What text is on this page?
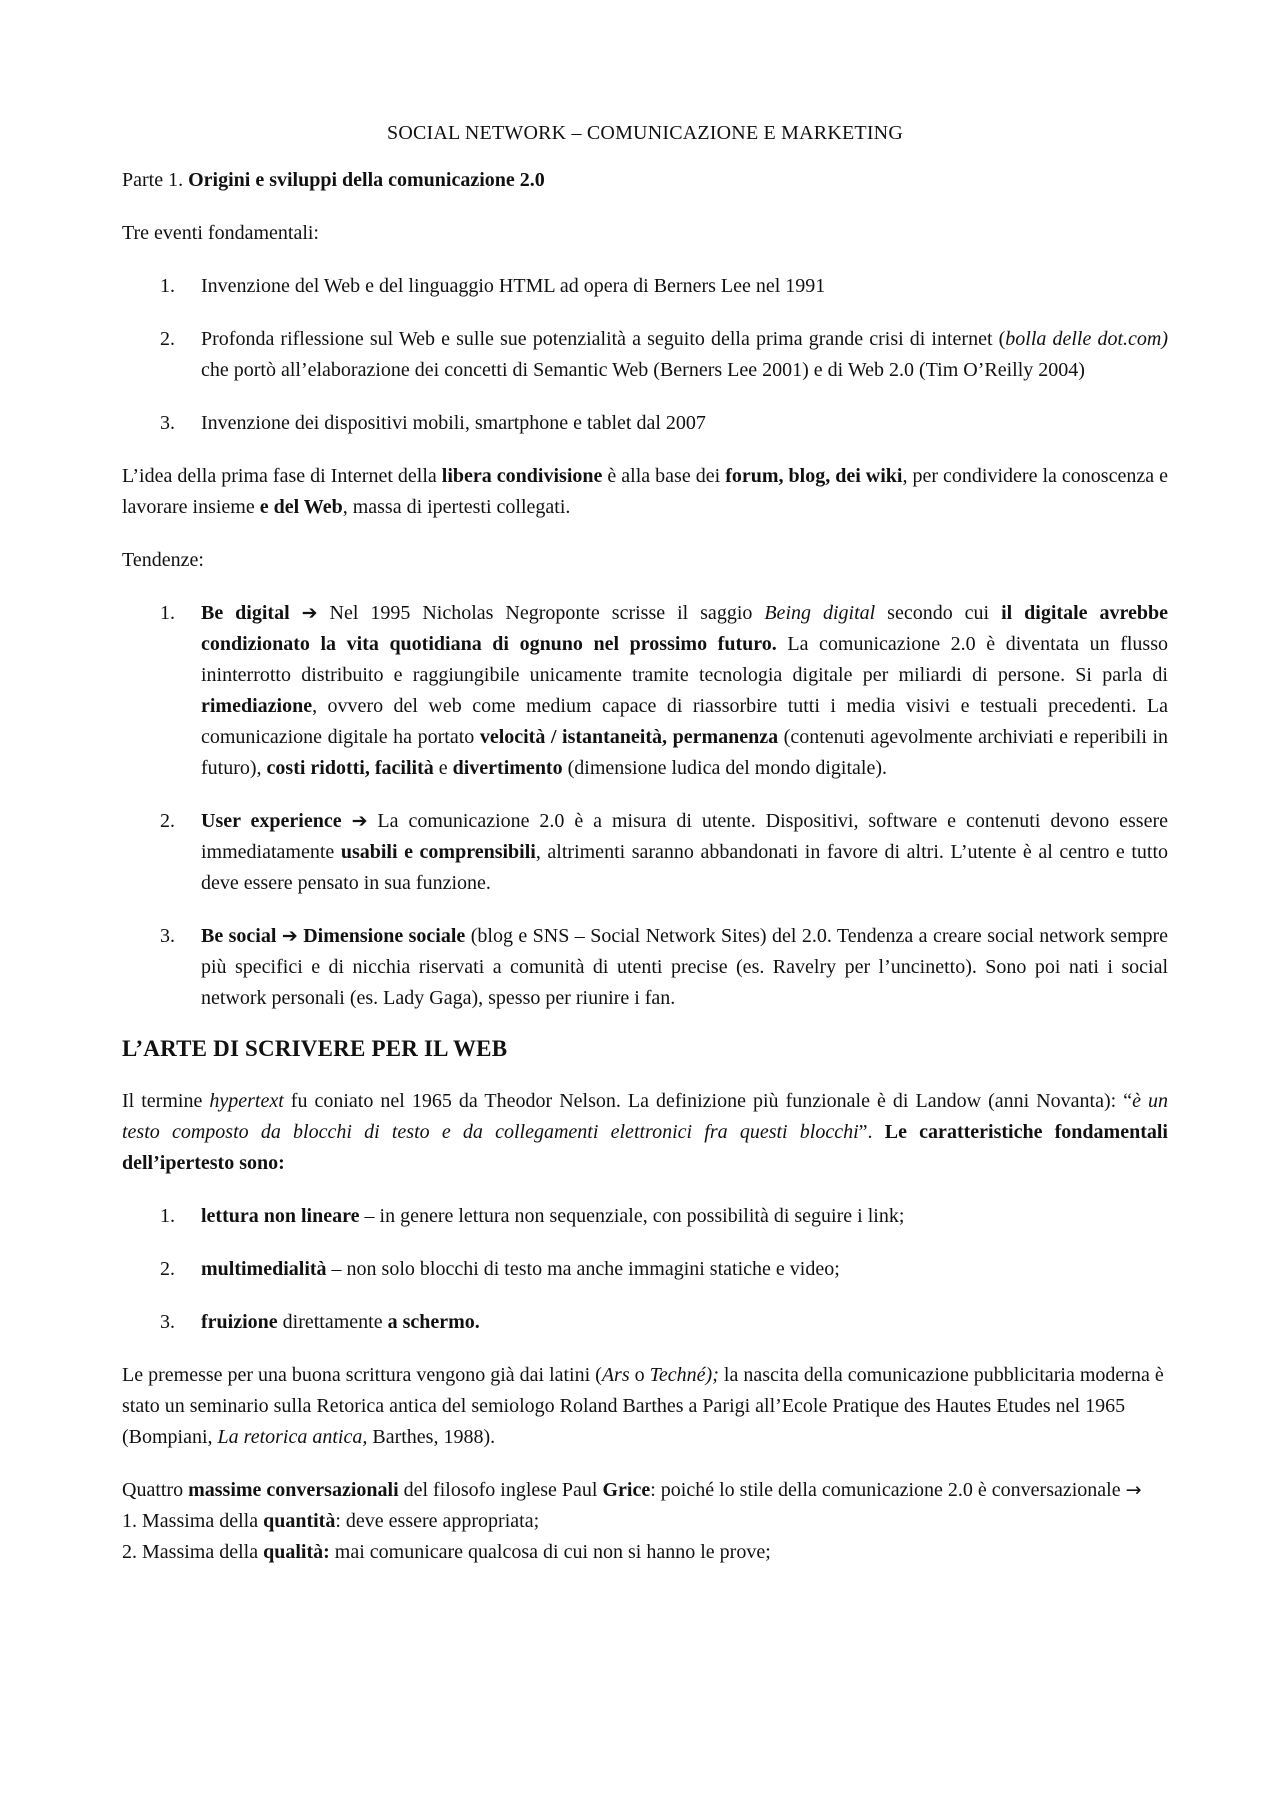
SOCIAL NETWORK – COMUNICAZIONE E MARKETING

Parte 1. Origini e sviluppi della comunicazione 2.0

Tre eventi fondamentali:

1. Invenzione del Web e del linguaggio HTML ad opera di Berners Lee nel 1991
2. Profonda riflessione sul Web e sulle sue potenzialità a seguito della prima grande crisi di internet (bolla delle dot.com) che portò all’elaborazione dei concetti di Semantic Web (Berners Lee 2001) e di Web 2.0 (Tim O’Reilly 2004)
3. Invenzione dei dispositivi mobili, smartphone e tablet dal 2007

L’idea della prima fase di Internet della libera condivisione è alla base dei forum, blog, dei wiki, per condividere la conoscenza e lavorare insieme e del Web, massa di ipertesti collegati.

Tendenze:

1. Be digital ➔ Nel 1995 Nicholas Negroponte scrisse il saggio Being digital secondo cui il digitale avrebbe condizionato la vita quotidiana di ognuno nel prossimo futuro. La comunicazione 2.0 è diventata un flusso ininterrotto distribuito e raggiungibile unicamente tramite tecnologia digitale per miliardi di persone. Si parla di rimediazione, ovvero del web come medium capace di riassorbire tutti i media visivi e testuali precedenti. La comunicazione digitale ha portato velocità / istantaneità, permanenza (contenuti agevolmente archiviati e reperibili in futuro), costi ridotti, facilità e divertimento (dimensione ludica del mondo digitale).
2. User experience ➔ La comunicazione 2.0 è a misura di utente. Dispositivi, software e contenuti devono essere immediatamente usabili e comprensibili, altrimenti saranno abbandonati in favore di altri. L’utente è al centro e tutto deve essere pensato in sua funzione.
3. Be social ➔ Dimensione sociale (blog e SNS – Social Network Sites) del 2.0. Tendenza a creare social network sempre più specifici e di nicchia riservati a comunità di utenti precise (es. Ravelry per l’uncinetto). Sono poi nati i social network personali (es. Lady Gaga), spesso per riunire i fan.
L’ARTE DI SCRIVERE PER IL WEB

Il termine hypertext fu coniato nel 1965 da Theodor Nelson. La definizione più funzionale è di Landow (anni Novanta): “è un testo composto da blocchi di testo e da collegamenti elettronici fra questi blocchi”. Le caratteristiche fondamentali dell’ipertesto sono:

1. lettura non lineare – in genere lettura non sequenziale, con possibilità di seguire i link;
2. multimedialità – non solo blocchi di testo ma anche immagini statiche e video;
3. fruizione direttamente a schermo.

Le premesse per una buona scrittura vengono già dai latini (Ars o Techné); la nascita della comunicazione pubblicitaria moderna è stato un seminario sulla Retorica antica del semiologo Roland Barthes a Parigi all’Ecole Pratique des Hautes Etudes nel 1965 (Bompiani, La retorica antica, Barthes, 1988).

Quattro massime conversazionali del filosofo inglese Paul Grice: poiché lo stile della comunicazione 2.0 è conversazionale →

1. Massima della quantità: deve essere appropriata;

2. Massima della qualità: mai comunicare qualcosa di cui non si hanno le prove;
